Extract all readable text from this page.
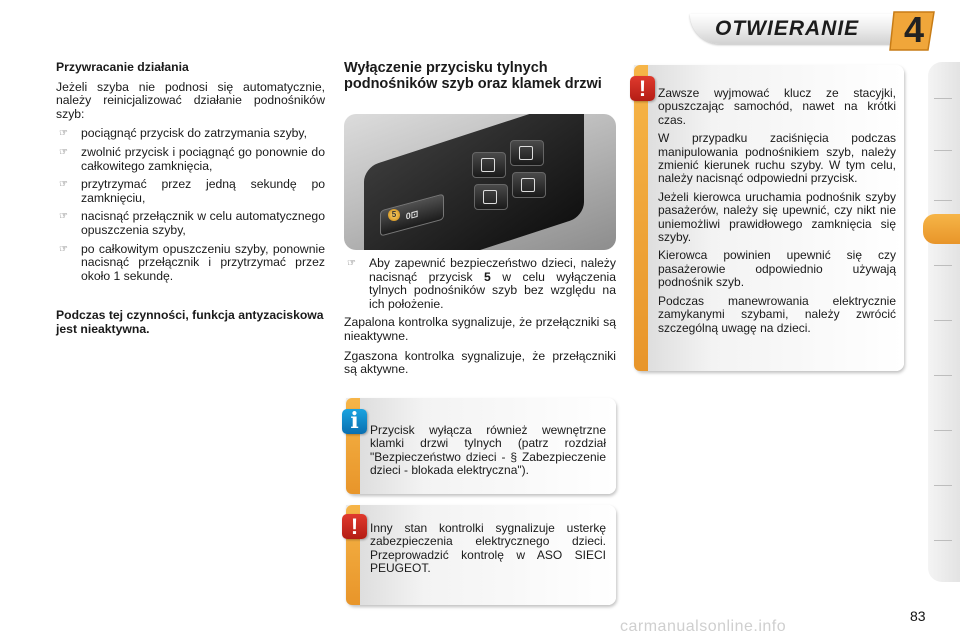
OTWIERANIE	4
Przywracanie działania

Jeżeli szyba nie podnosi się automatycznie, należy reinicjalizować działanie podnośników szyb:

☞ pociągnąć przycisk do zatrzymania szyby,
☞ zwolnić przycisk i pociągnąć go ponownie do całkowitego zamknięcia,
☞ przytrzymać przez jedną sekundę po zamknięciu,
☞ nacisnąć przełącznik w celu automatycznego opuszczenia szyby,
☞ po całkowitym opuszczeniu szyby, ponownie nacisnąć przełącznik i przytrzymać przez około 1 sekundę.

Podczas tej czynności, funkcja antyzaciskowa jest nieaktywna.

Wyłączenie przycisku tylnych podnośników szyb oraz klamek drzwi
0⊡
5
☞ Aby zapewnić bezpieczeństwo dzieci, należy nacisnąć przycisk 5 w celu wyłączenia tylnych podnośników szyb bez względu na ich położenie.

Zapalona kontrolka sygnalizuje, że przełączniki są nieaktywne.

Zgaszona kontrolka sygnalizuje, że przełączniki są aktywne.

Przycisk wyłącza również wewnętrzne klamki drzwi tylnych (patrz rozdział "Bezpieczeństwo dzieci - § Zabezpieczenie dzieci - blokada elektryczna").

i

Inny stan kontrolki sygnalizuje usterkę zabezpieczenia elektrycznego dzieci. Przeprowadzić kontrolę w ASO SIECI PEUGEOT.

!

Zawsze wyjmować klucz ze stacyjki, opuszczając samochód, nawet na krótki czas.

W przypadku zaciśnięcia podczas manipulowania podnośnikiem szyb, należy zmienić kierunek ruchu szyby. W tym celu, należy nacisnąć odpowiedni przycisk.

Jeżeli kierowca uruchamia podnośnik szyby pasażerów, należy się upewnić, czy nikt nie uniemożliwi prawidłowego zamknięcia się szyby.

Kierowca powinien upewnić się czy pasażerowie odpowiednio używają podnośnik szyb.

Podczas manewrowania elektrycznie zamykanymi szybami, należy zwrócić szczególną uwagę na dzieci.

!
carmanualsonline.info
83
